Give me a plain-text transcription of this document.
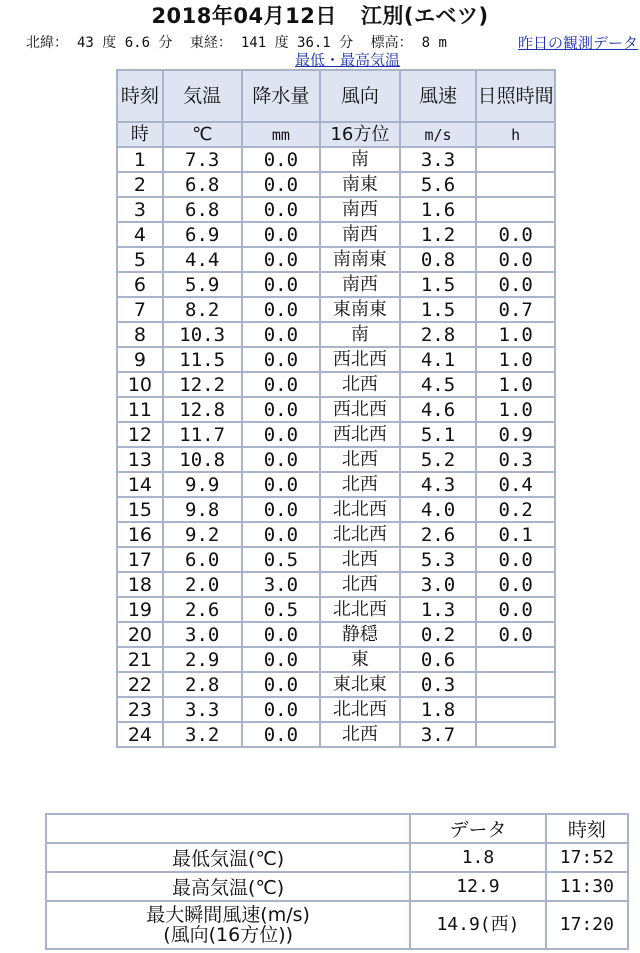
2018年04月12日 江別(エベツ)
北緯： 43 度 6.6 分 東経： 141 度 36.1 分 標高： 8 m	昨日の観測データ
最低・最高気温
時刻	気温	降水量	風向	風速	日照時間
時	℃	mm	16方位	m/s	h
1	7.3	0.0	南	3.3	
2	6.8	0.0	南東	5.6	
3	6.8	0.0	南西	1.6	
4	6.9	0.0	南西	1.2	0.0
5	4.4	0.0	南南東	0.8	0.0
6	5.9	0.0	南西	1.5	0.0
7	8.2	0.0	東南東	1.5	0.7
8	10.3	0.0	南	2.8	1.0
9	11.5	0.0	西北西	4.1	1.0
10	12.2	0.0	北西	4.5	1.0
11	12.8	0.0	西北西	4.6	1.0
12	11.7	0.0	西北西	5.1	0.9
13	10.8	0.0	北西	5.2	0.3
14	9.9	0.0	北西	4.3	0.4
15	9.8	0.0	北北西	4.0	0.2
16	9.2	0.0	北北西	2.6	0.1
17	6.0	0.5	北西	5.3	0.0
18	2.0	3.0	北西	3.0	0.0
19	2.6	0.5	北北西	1.3	0.0
20	3.0	0.0	静穏	0.2	0.0
21	2.9	0.0	東	0.6	
22	2.8	0.0	東北東	0.3	
23	3.3	0.0	北北西	1.8	
24	3.2	0.0	北西	3.7	
	データ	時刻
最低気温(℃)	1.8	17:52
最高気温(℃)	12.9	11:30

最大瞬間風速(m/s)
(風向(16方位))	14.9(西)	17:20
